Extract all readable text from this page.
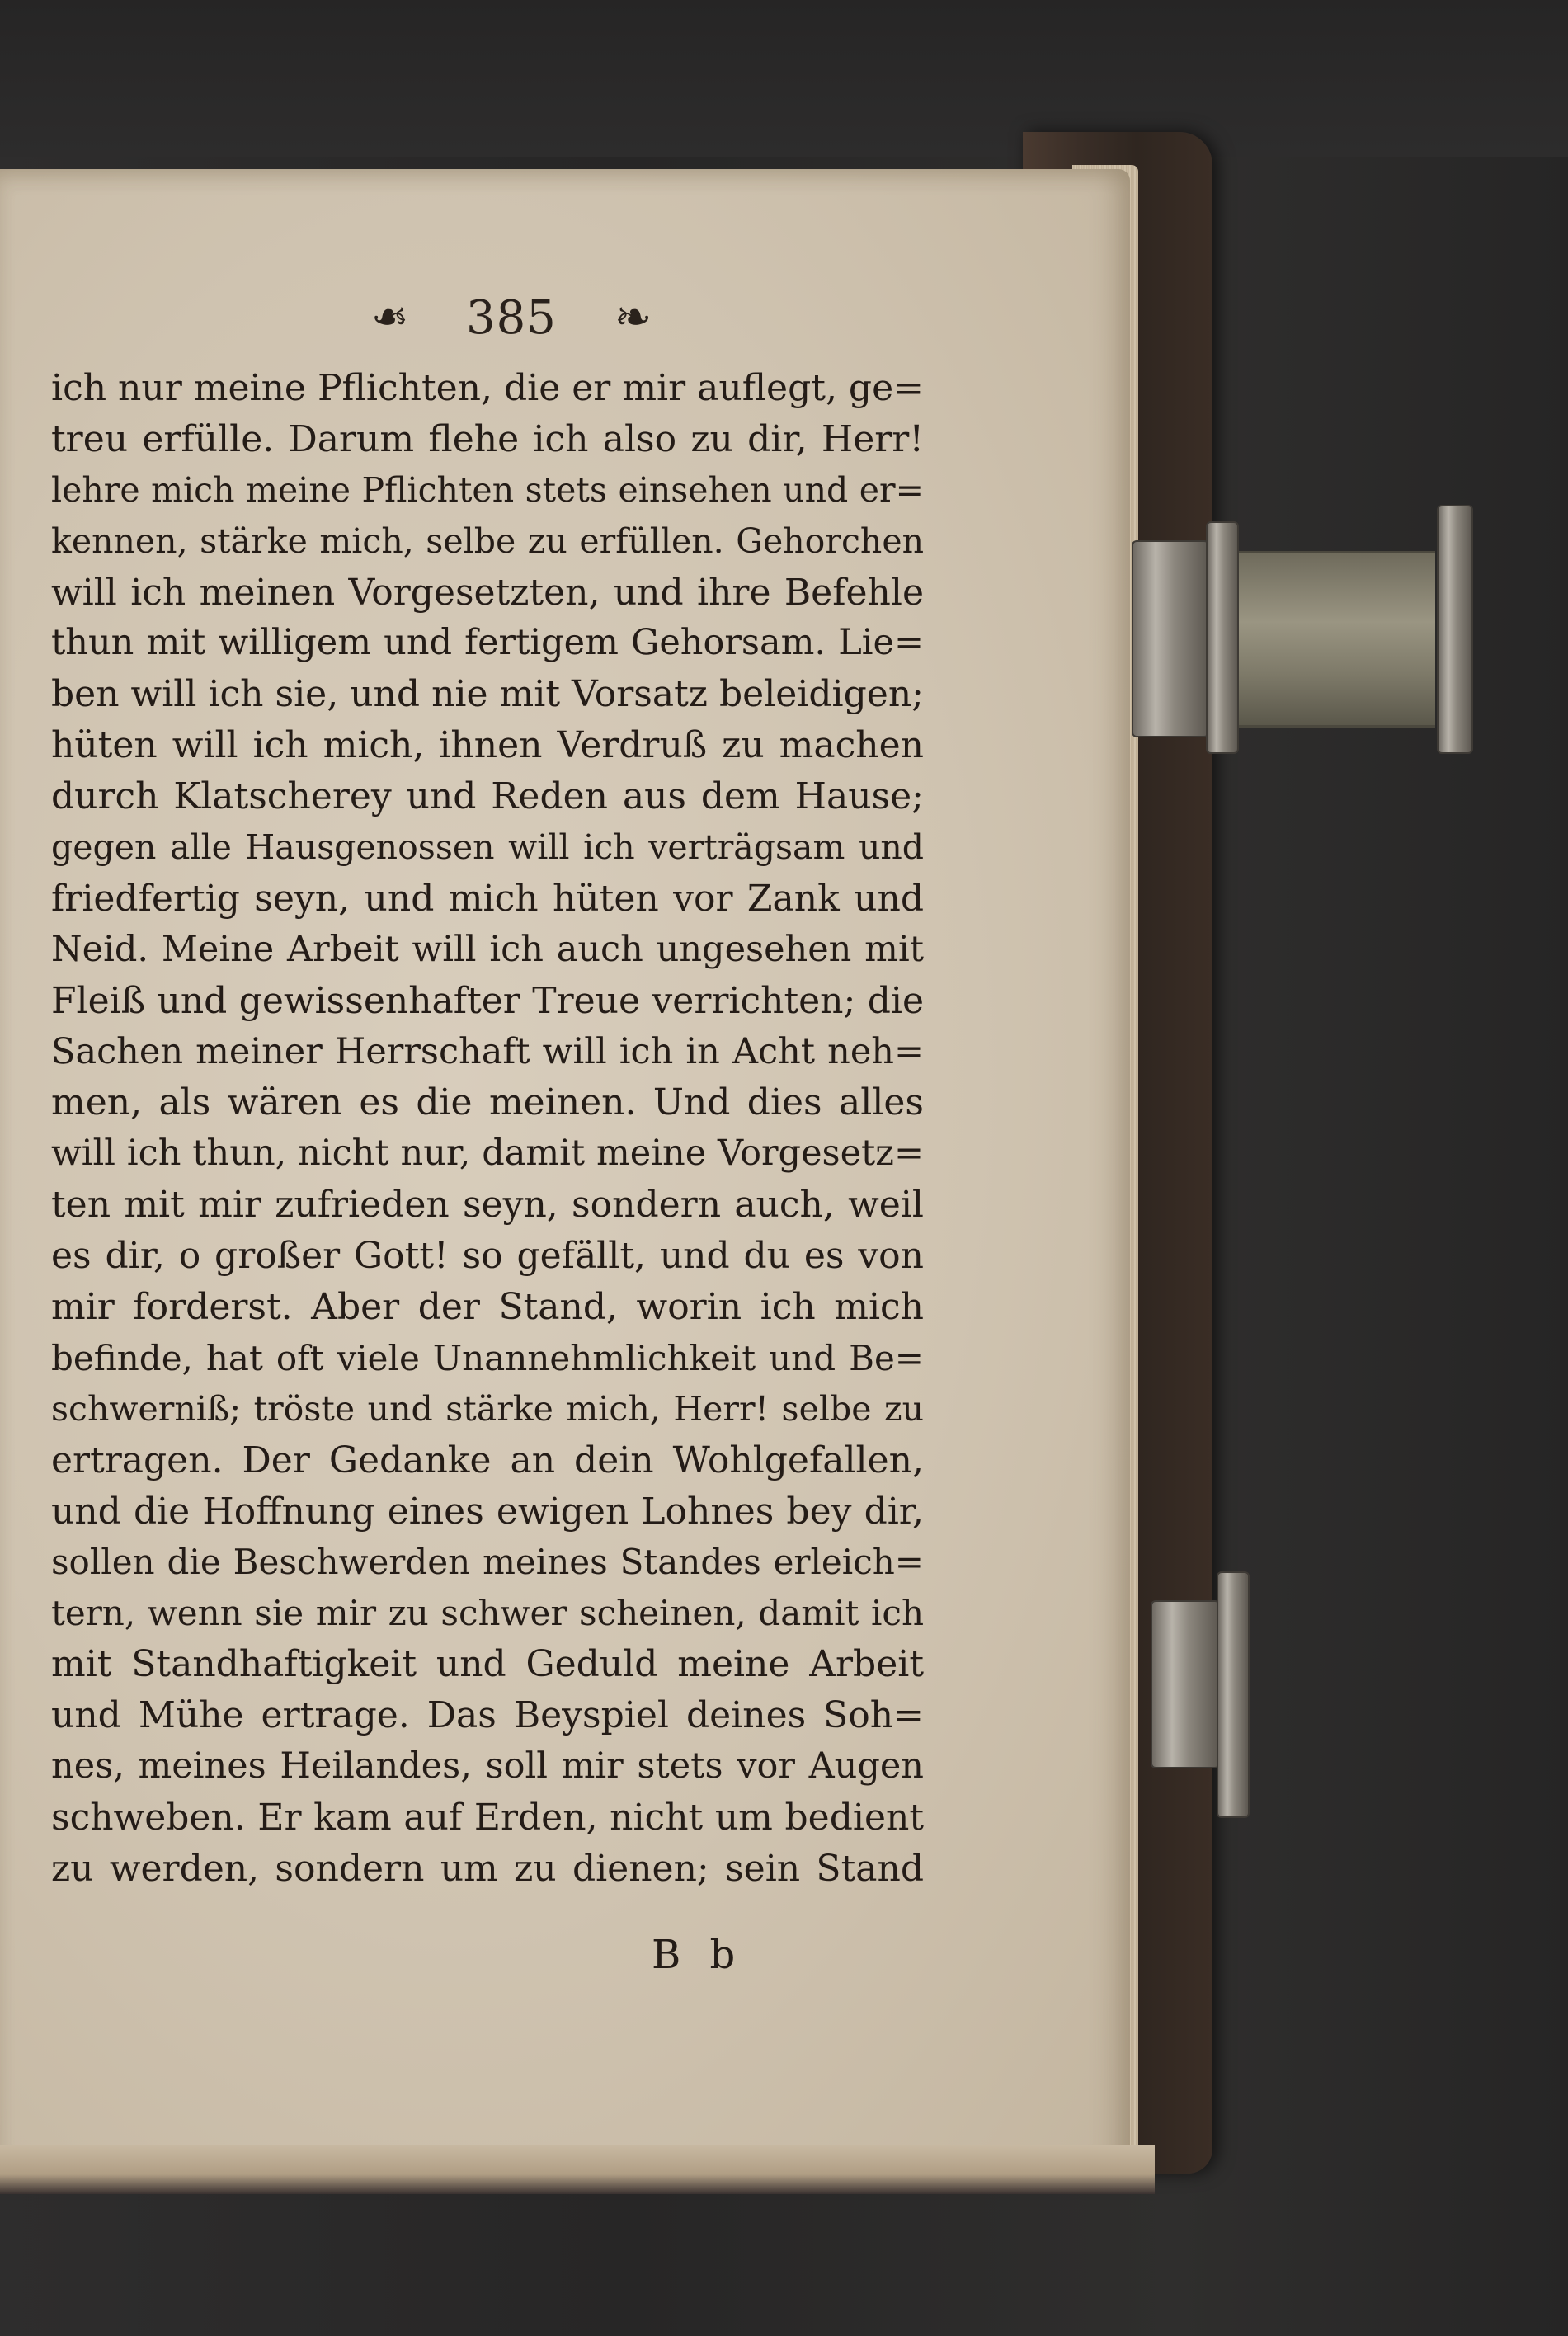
❧ 385 ❧
ich nur meine Pflichten, die er mir auflegt, ge=
treu erfülle. Darum flehe ich also zu dir, Herr!
lehre mich meine Pflichten stets einsehen und er=
kennen, stärke mich, selbe zu erfüllen. Gehorchen
will ich meinen Vorgesetzten, und ihre Befehle
thun mit willigem und fertigem Gehorsam. Lie=
ben will ich sie, und nie mit Vorsatz beleidigen;
hüten will ich mich, ihnen Verdruß zu machen
durch Klatscherey und Reden aus dem Hause;
gegen alle Hausgenossen will ich verträgsam und
friedfertig seyn, und mich hüten vor Zank und
Neid. Meine Arbeit will ich auch ungesehen mit
Fleiß und gewissenhafter Treue verrichten; die
Sachen meiner Herrschaft will ich in Acht neh=
men, als wären es die meinen. Und dies alles
will ich thun, nicht nur, damit meine Vorgesetz=
ten mit mir zufrieden seyn, sondern auch, weil
es dir, o großer Gott! so gefällt, und du es von
mir forderst. Aber der Stand, worin ich mich
befinde, hat oft viele Unannehmlichkeit und Be=
schwerniß; tröste und stärke mich, Herr! selbe zu
ertragen. Der Gedanke an dein Wohlgefallen,
und die Hoffnung eines ewigen Lohnes bey dir,
sollen die Beschwerden meines Standes erleich=
tern, wenn sie mir zu schwer scheinen, damit ich
mit Standhaftigkeit und Geduld meine Arbeit
und Mühe ertrage. Das Beyspiel deines Soh=
nes, meines Heilandes, soll mir stets vor Augen
schweben. Er kam auf Erden, nicht um bedient
zu werden, sondern um zu dienen; sein Stand
B b
